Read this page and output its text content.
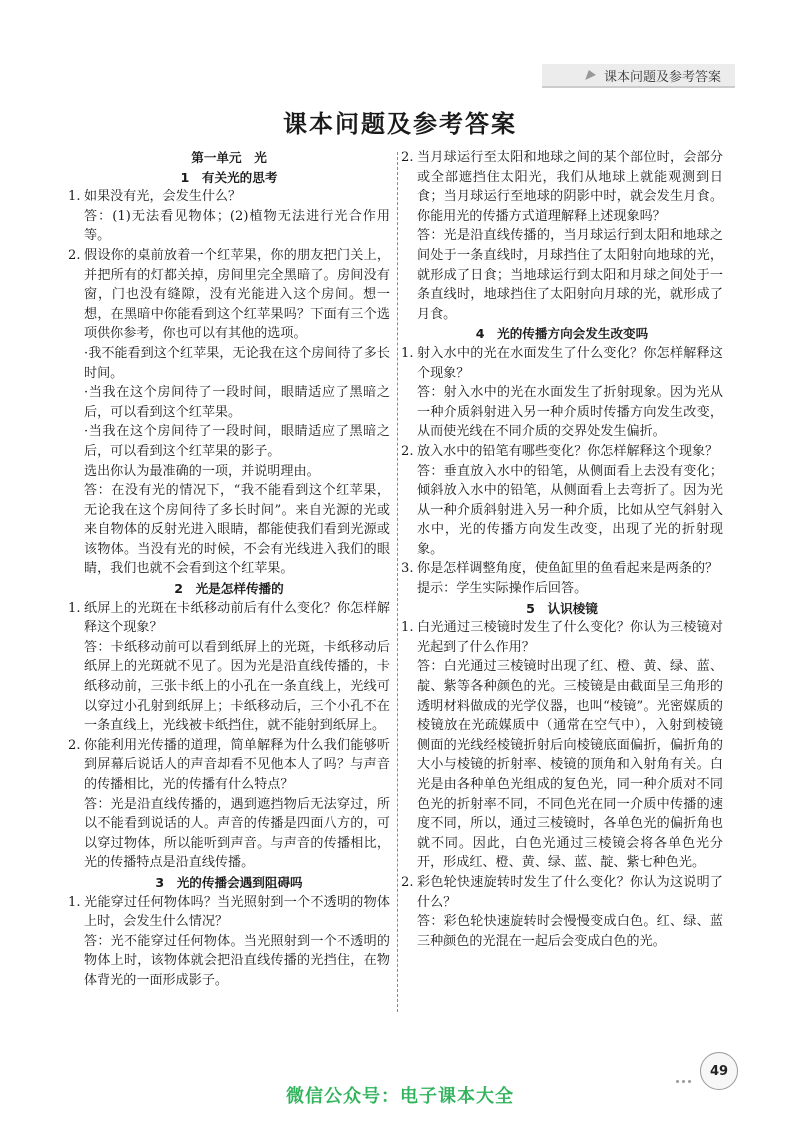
课本问题及参考答案
课本问题及参考答案
第一单元　光
1　有关光的思考
1. 如果没有光，会发生什么？

答：(1)无法看见物体；(2)植物无法进行光合作用等。

2. 假设你的桌前放着一个红苹果，你的朋友把门关上，并把所有的灯都关掉，房间里完全黑暗了。房间没有窗，门也没有缝隙，没有光能进入这个房间。想一想，在黑暗中你能看到这个红苹果吗？下面有三个选项供你参考，你也可以有其他的选项。

·我不能看到这个红苹果，无论我在这个房间待了多长时间。

·当我在这个房间待了一段时间，眼睛适应了黑暗之后，可以看到这个红苹果。

·当我在这个房间待了一段时间，眼睛适应了黑暗之后，可以看到这个红苹果的影子。

选出你认为最准确的一项，并说明理由。

答：在没有光的情况下，“我不能看到这个红苹果，无论我在这个房间待了多长时间”。来自光源的光或来自物体的反射光进入眼睛，都能使我们看到光源或该物体。当没有光的时候，不会有光线进入我们的眼睛，我们也就不会看到这个红苹果。

2　光是怎样传播的
1. 纸屏上的光斑在卡纸移动前后有什么变化？你怎样解释这个现象？

答：卡纸移动前可以看到纸屏上的光斑，卡纸移动后纸屏上的光斑就不见了。因为光是沿直线传播的，卡纸移动前，三张卡纸上的小孔在一条直线上，光线可以穿过小孔射到纸屏上；卡纸移动后，三个小孔不在一条直线上，光线被卡纸挡住，就不能射到纸屏上。

2. 你能利用光传播的道理，简单解释为什么我们能够听到屏幕后说话人的声音却看不见他本人了吗？与声音的传播相比，光的传播有什么特点？

答：光是沿直线传播的，遇到遮挡物后无法穿过，所以不能看到说话的人。声音的传播是四面八方的，可以穿过物体，所以能听到声音。与声音的传播相比，光的传播特点是沿直线传播。

3　光的传播会遇到阻碍吗
1. 光能穿过任何物体吗？当光照射到一个不透明的物体上时，会发生什么情况？

答：光不能穿过任何物体。当光照射到一个不透明的物体上时，该物体就会把沿直线传播的光挡住，在物体背光的一面形成影子。

2. 当月球运行至太阳和地球之间的某个部位时，会部分或全部遮挡住太阳光，我们从地球上就能观测到日食；当月球运行至地球的阴影中时，就会发生月食。你能用光的传播方式道理解释上述现象吗？

答：光是沿直线传播的，当月球运行到太阳和地球之间处于一条直线时，月球挡住了太阳射向地球的光，就形成了日食；当地球运行到太阳和月球之间处于一条直线时，地球挡住了太阳射向月球的光，就形成了月食。

4　光的传播方向会发生改变吗
1. 射入水中的光在水面发生了什么变化？你怎样解释这个现象？

答：射入水中的光在水面发生了折射现象。因为光从一种介质斜射进入另一种介质时传播方向发生改变，从而使光线在不同介质的交界处发生偏折。

2. 放入水中的铅笔有哪些变化？你怎样解释这个现象？

答：垂直放入水中的铅笔，从侧面看上去没有变化；倾斜放入水中的铅笔，从侧面看上去弯折了。因为光从一种介质斜射进入另一种介质，比如从空气斜射入水中，光的传播方向发生改变，出现了光的折射现象。

3. 你是怎样调整角度，使鱼缸里的鱼看起来是两条的？

提示：学生实际操作后回答。

5　认识棱镜
1. 白光通过三棱镜时发生了什么变化？你认为三棱镜对光起到了什么作用？

答：白光通过三棱镜时出现了红、橙、黄、绿、蓝、靛、紫等各种颜色的光。三棱镜是由截面呈三角形的透明材料做成的光学仪器，也叫“棱镜”。光密媒质的棱镜放在光疏媒质中（通常在空气中），入射到棱镜侧面的光线经棱镜折射后向棱镜底面偏折，偏折角的大小与棱镜的折射率、棱镜的顶角和入射角有关。白光是由各种单色光组成的复色光，同一种介质对不同色光的折射率不同，不同色光在同一介质中传播的速度不同，所以，通过三棱镜时，各单色光的偏折角也就不同。因此，白色光通过三棱镜会将各单色光分开，形成红、橙、黄、绿、蓝、靛、紫七种色光。

2. 彩色轮快速旋转时发生了什么变化？你认为这说明了什么？

答：彩色轮快速旋转时会慢慢变成白色。红、绿、蓝三种颜色的光混在一起后会变成白色的光。

49
微信公众号：电子课本大全
